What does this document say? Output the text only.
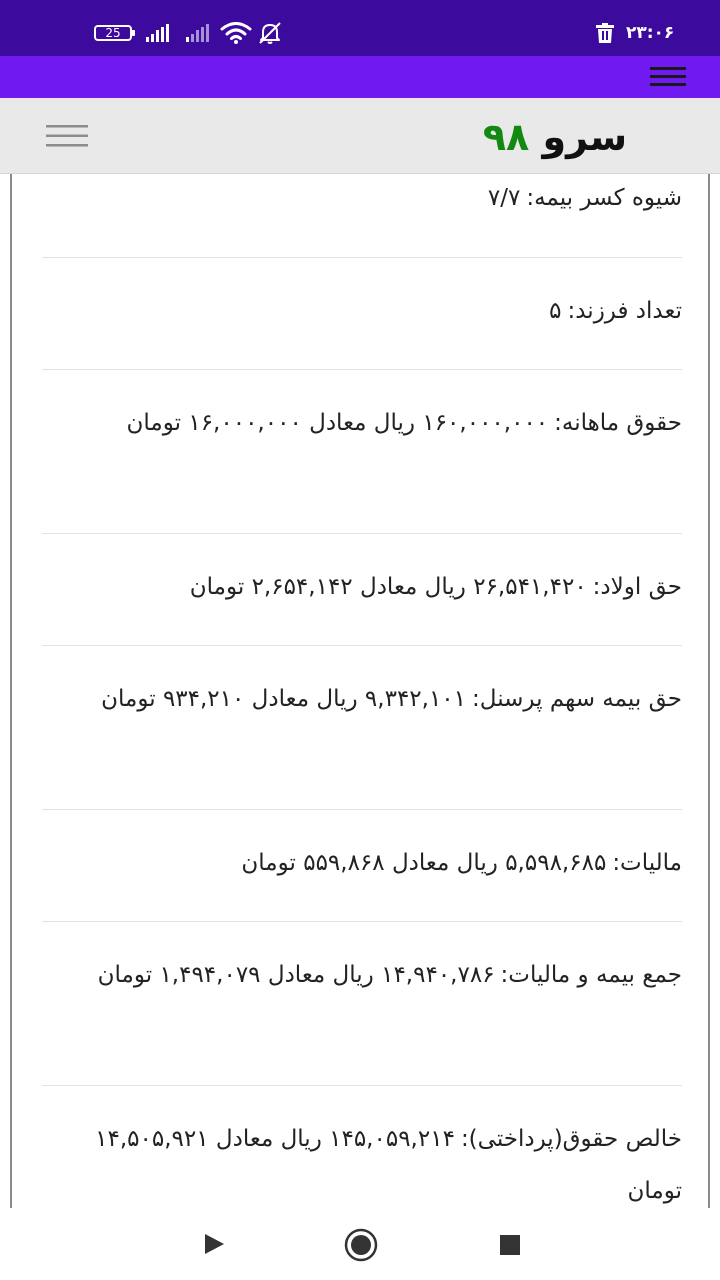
25	۲۳:۰۶
سرو ۹۸
شیوه کسر بیمه:۷/۷
تعداد فرزند:۵
حقوق ماهانه:۱۶۰,۰۰۰,۰۰۰ ریال معادل ۱۶,۰۰۰,۰۰۰ تومان
حق اولاد:۲۶,۵۴۱,۴۲۰ ریال معادل ۲,۶۵۴,۱۴۲ تومان
حق بیمه سهم پرسنل:۹,۳۴۲,۱۰۱ ریال معادل ۹۳۴,۲۱۰ تومان
مالیات:۵,۵۹۸,۶۸۵ ریال معادل ۵۵۹,۸۶۸ تومان
جمع بیمه و مالیات:۱۴,۹۴۰,۷۸۶ ریال معادل ۱,۴۹۴,۰۷۹ تومان
خالص حقوق(پرداختی):۱۴۵,۰۵۹,۲۱۴ ریال معادل ۱۴,۵۰۵,۹۲۱ تومان
